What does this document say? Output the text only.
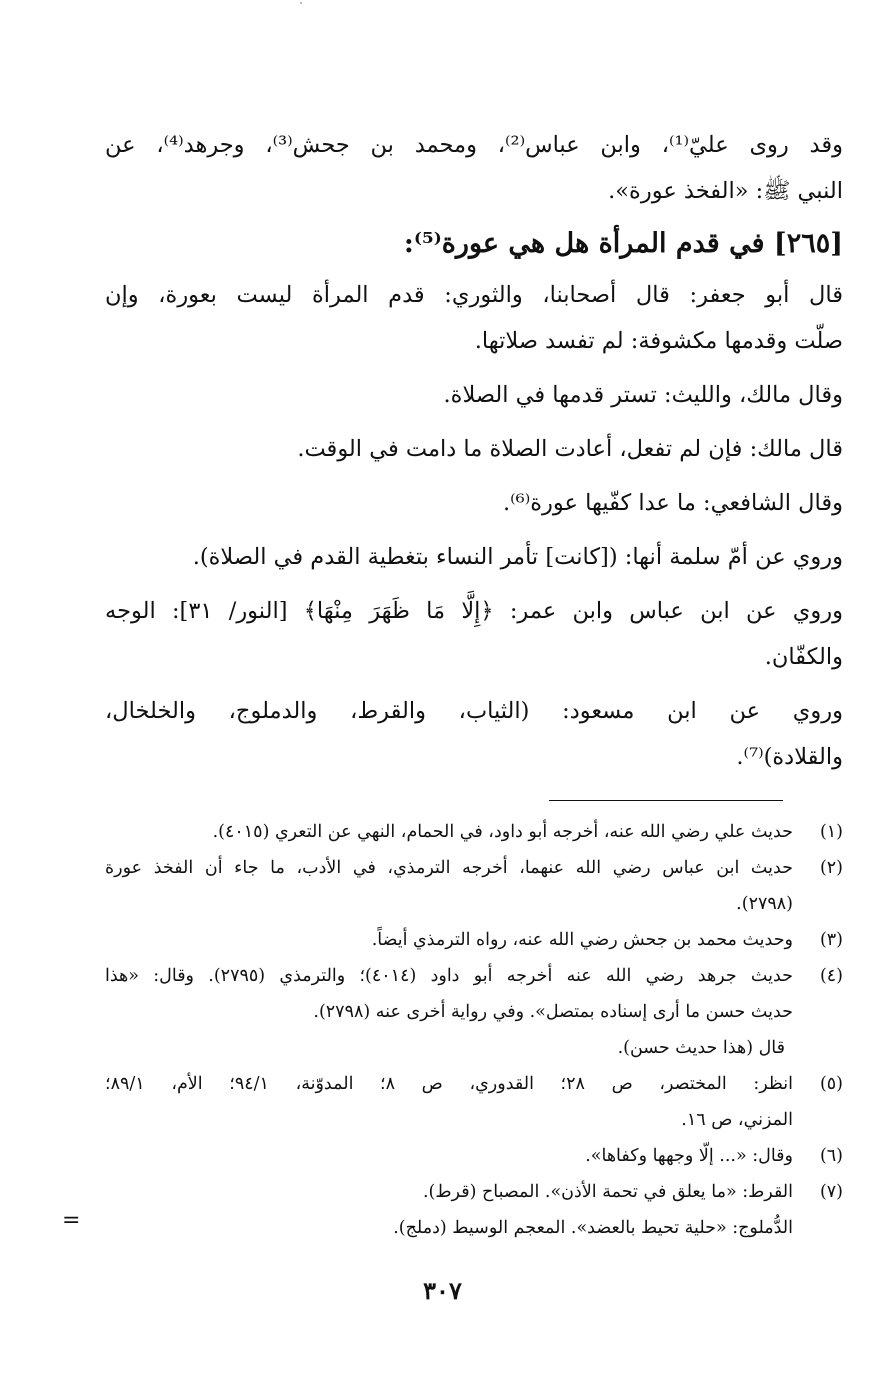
وقد روى عليّ⁽¹⁾، وابن عباس⁽²⁾، ومحمد بن جحش⁽³⁾، وجرهد⁽⁴⁾، عن
النبي ﷺ: «الفخذ عورة».
[٢٦٥] في قدم المرأة هل هي عورة⁽⁵⁾:
قال أبو جعفر: قال أصحابنا، والثوري: قدم المرأة ليست بعورة، وإن
صلّت وقدمها مكشوفة: لم تفسد صلاتها.
وقال مالك، والليث: تستر قدمها في الصلاة.
قال مالك: فإن لم تفعل، أعادت الصلاة ما دامت في الوقت.
وقال الشافعي: ما عدا كفّيها عورة⁽⁶⁾.
وروي عن أمّ سلمة أنها: ([كانت] تأمر النساء بتغطية القدم في الصلاة).
وروي عن ابن عباس وابن عمر: ﴿إِلَّا مَا ظَهَرَ مِنْهَا﴾ [النور/ ٣١]: الوجه
والكفّان.
وروي عن ابن مسعود: (الثياب، والقرط، والدملوج، والخلخال،
والقلادة)⁽⁷⁾.
(١)
حديث علي رضي الله عنه، أخرجه أبو داود، في الحمام، النهي عن التعري (٤٠١٥).
(٢)
حديث ابن عباس رضي الله عنهما، أخرجه الترمذي، في الأدب، ما جاء أن الفخذ عورة
(٢٧٩٨).
(٣)
وحديث محمد بن جحش رضي الله عنه، رواه الترمذي أيضاً.
(٤)
حديث جرهد رضي الله عنه أخرجه أبو داود (٤٠١٤)؛ والترمذي (٢٧٩٥). وقال: «هذا
حديث حسن ما أرى إسناده بمتصل». وفي رواية أخرى عنه (٢٧٩٨).
قال (هذا حديث حسن).
(٥)
انظر: المختصر، ص ٢٨؛ القدوري، ص ٨؛ المدوّنة، ٩٤/١؛ الأم، ٨٩/١؛
المزني، ص ١٦.
(٦)
وقال: «... إلّا وجهها وكفاها».
(٧)
القرط: «ما يعلق في تحمة الأذن». المصباح (قرط).
الدُّملوج: «حلية تحيط بالعضد». المعجم الوسيط (دملج).
٣٠٧
=
